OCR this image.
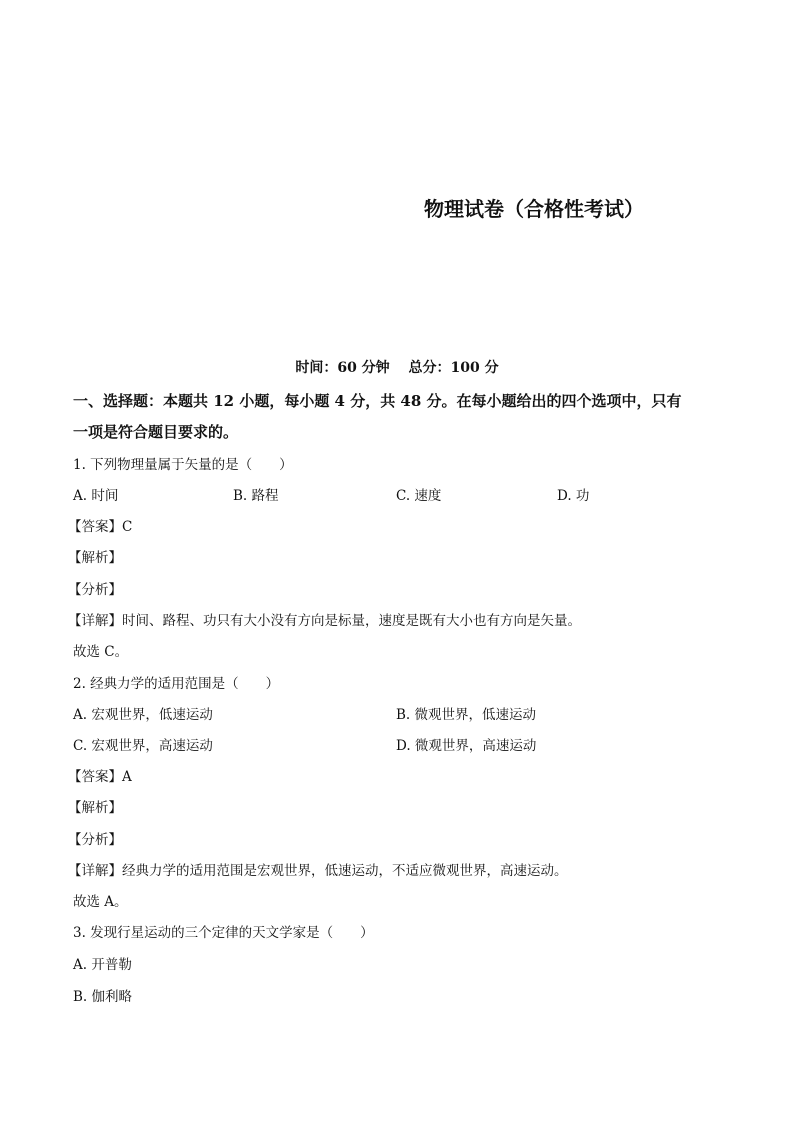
物理试卷（合格性考试）
时间：60 分钟　 总分：100 分
一、选择题：本题共 12 小题，每小题 4 分，共 48 分。在每小题给出的四个选项中，只有
一项是符合题目要求的。
1. 下列物理量属于矢量的是（　　）
A. 时间	B. 路程	C. 速度	D. 功
【答案】C
【解析】
【分析】
【详解】时间、路程、功只有大小没有方向是标量，速度是既有大小也有方向是矢量。
故选 C。
2. 经典力学的适用范围是（　　）
A. 宏观世界，低速运动	B. 微观世界，低速运动
C. 宏观世界，高速运动	D. 微观世界，高速运动
【答案】A
【解析】
【分析】
【详解】经典力学的适用范围是宏观世界，低速运动，不适应微观世界，高速运动。
故选 A。
3. 发现行星运动的三个定律的天文学家是（　　）
A. 开普勒
B. 伽利略
